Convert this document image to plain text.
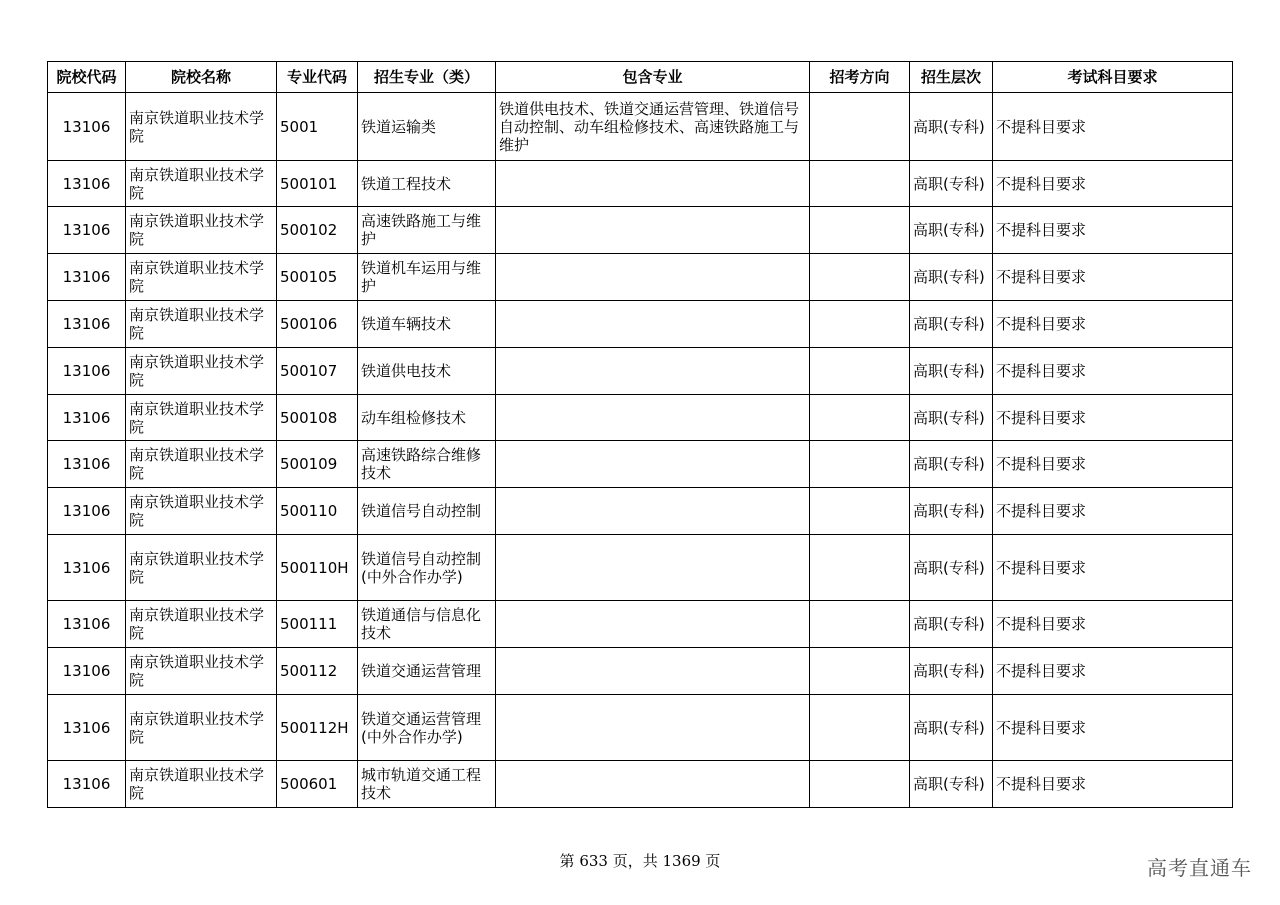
院校代码	院校名称	专业代码	招生专业（类）	包含专业	招考方向	招生层次	考试科目要求
13106	南京铁道职业技术学院	5001	铁道运输类	铁道供电技术、铁道交通运营管理、铁道信号自动控制、动车组检修技术、高速铁路施工与维护		高职(专科)	不提科目要求
13106	南京铁道职业技术学院	500101	铁道工程技术			高职(专科)	不提科目要求
13106	南京铁道职业技术学院	500102	高速铁路施工与维护			高职(专科)	不提科目要求
13106	南京铁道职业技术学院	500105	铁道机车运用与维护			高职(专科)	不提科目要求
13106	南京铁道职业技术学院	500106	铁道车辆技术			高职(专科)	不提科目要求
13106	南京铁道职业技术学院	500107	铁道供电技术			高职(专科)	不提科目要求
13106	南京铁道职业技术学院	500108	动车组检修技术			高职(专科)	不提科目要求
13106	南京铁道职业技术学院	500109	高速铁路综合维修技术			高职(专科)	不提科目要求
13106	南京铁道职业技术学院	500110	铁道信号自动控制			高职(专科)	不提科目要求
13106	南京铁道职业技术学院	500110H	铁道信号自动控制(中外合作办学)			高职(专科)	不提科目要求
13106	南京铁道职业技术学院	500111	铁道通信与信息化技术			高职(专科)	不提科目要求
13106	南京铁道职业技术学院	500112	铁道交通运营管理			高职(专科)	不提科目要求
13106	南京铁道职业技术学院	500112H	铁道交通运营管理(中外合作办学)			高职(专科)	不提科目要求
13106	南京铁道职业技术学院	500601	城市轨道交通工程技术			高职(专科)	不提科目要求
第 633 页，共 1369 页	高考直通车
